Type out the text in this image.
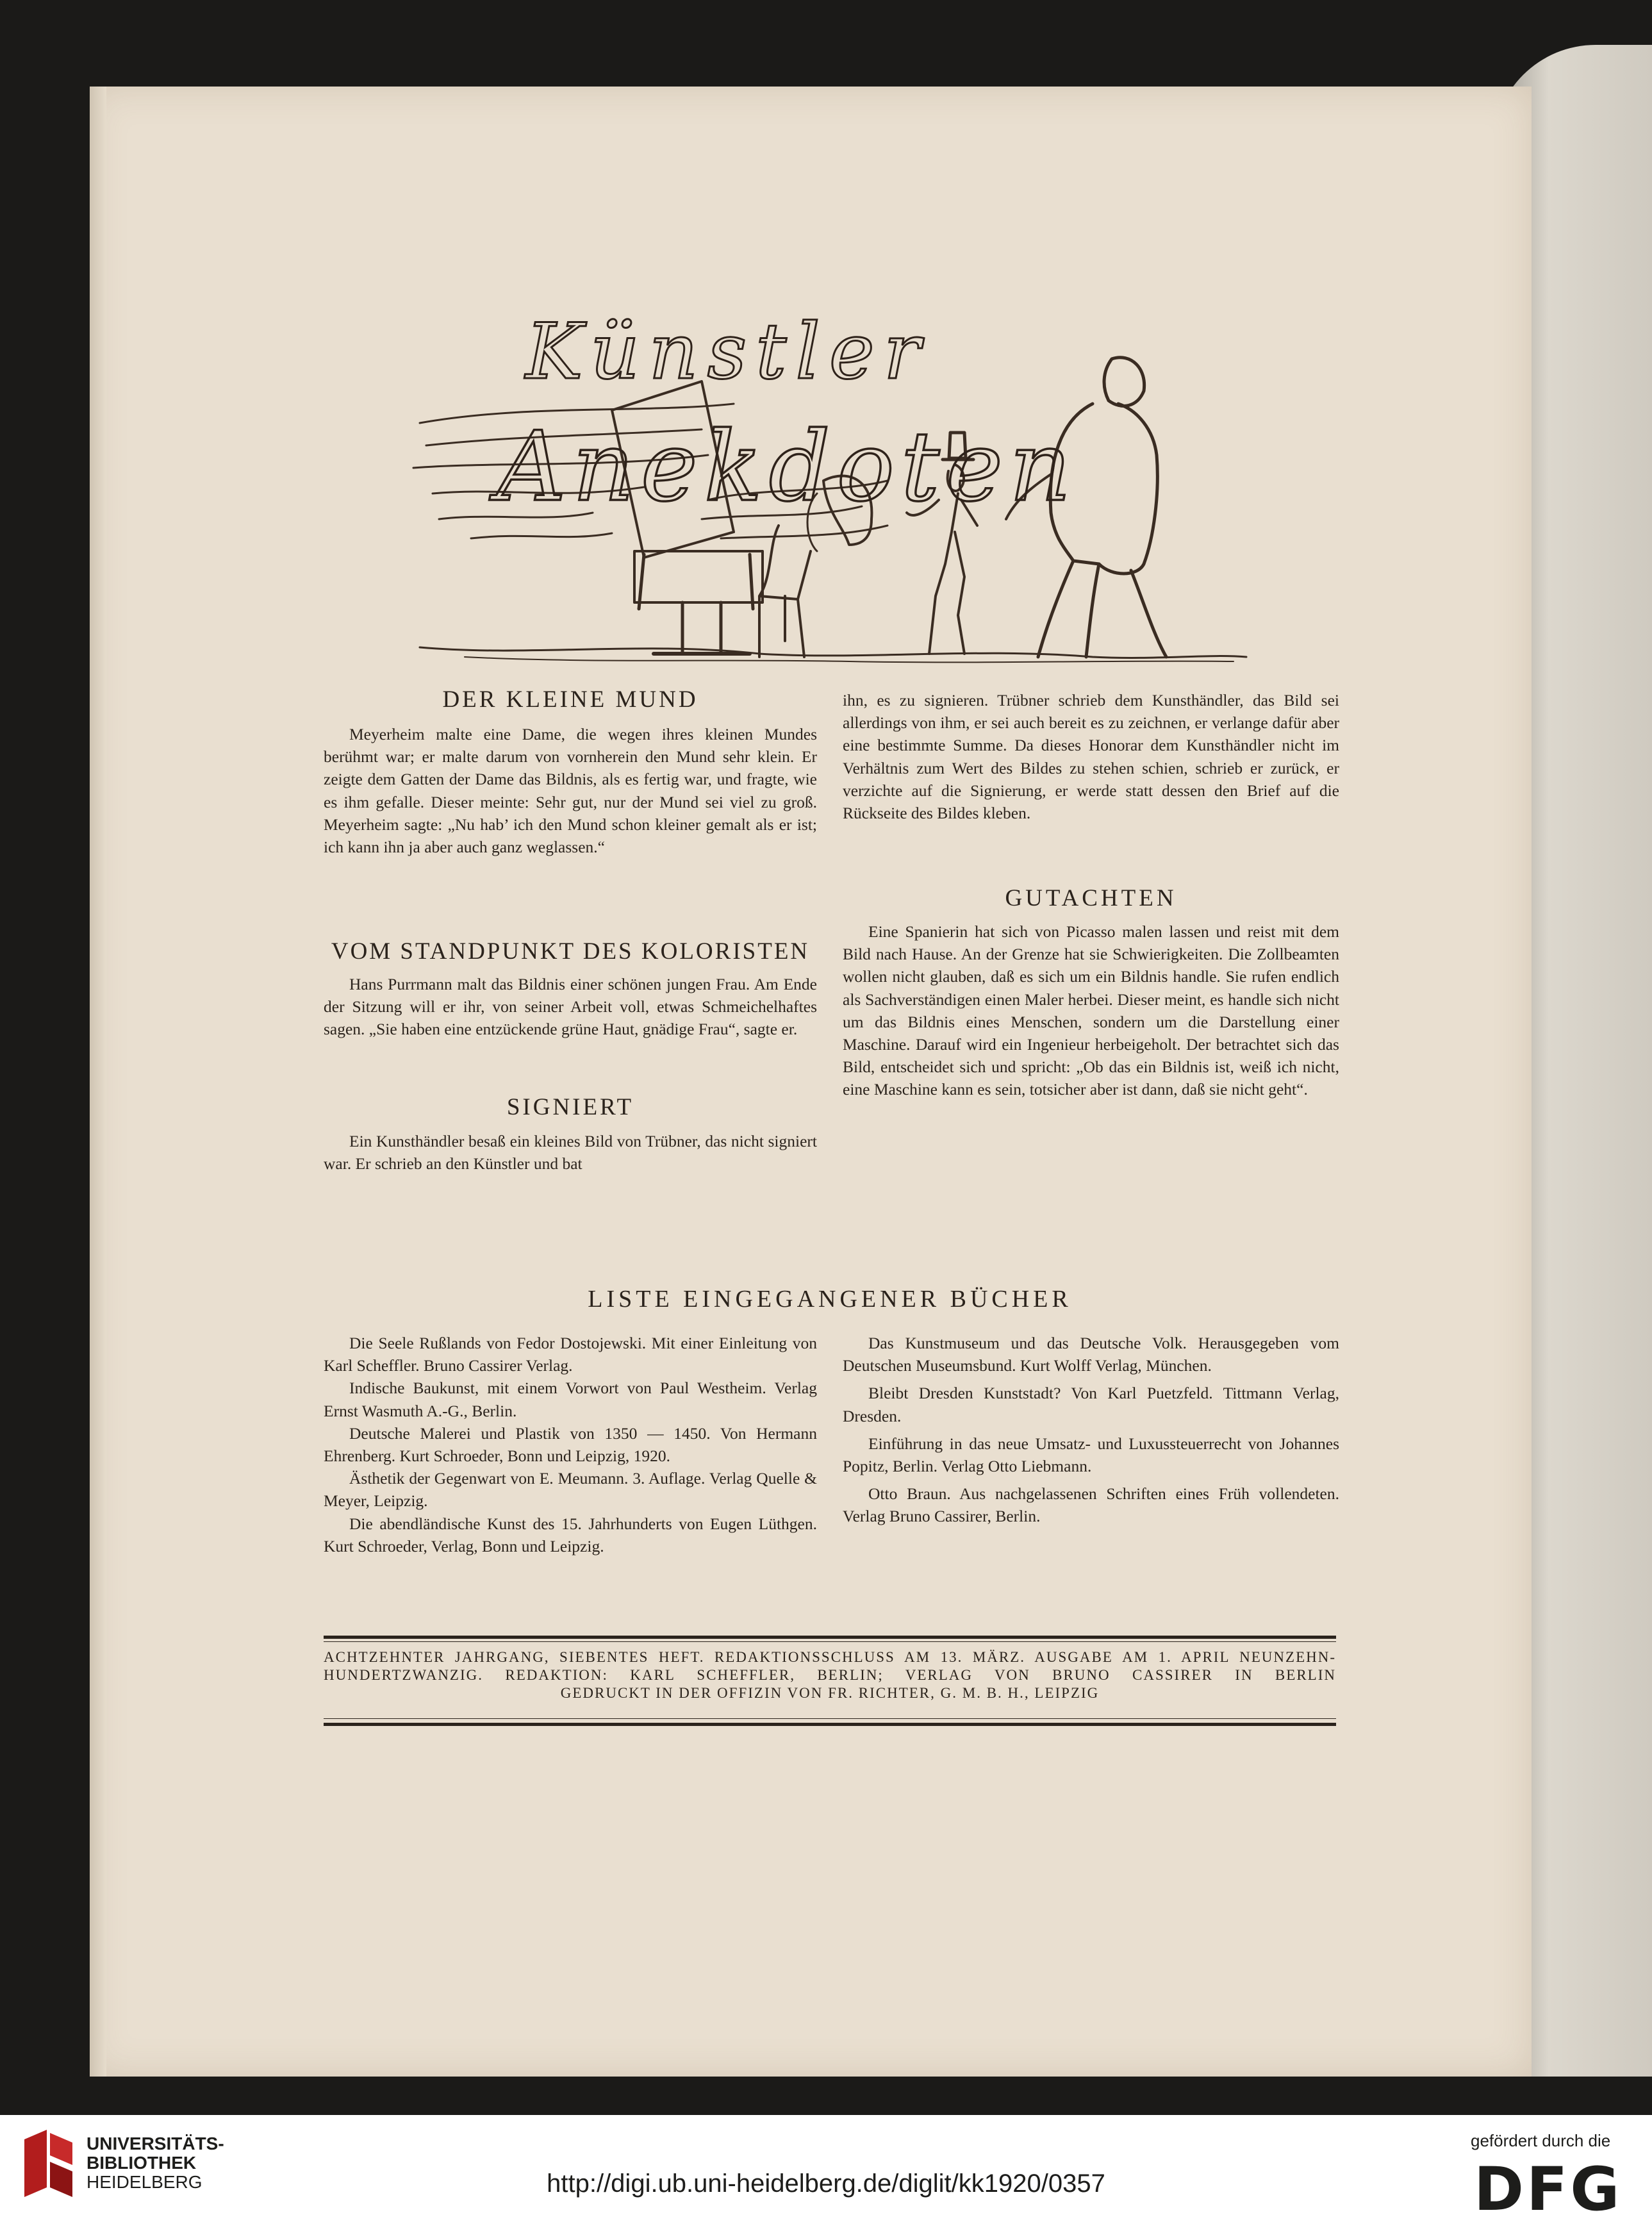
Künstler
Anekdoten
DER KLEINE MUND

Meyerheim malte eine Dame, die wegen ihres kleinen Mundes berühmt war; er malte darum von vornherein den Mund sehr klein. Er zeigte dem Gatten der Dame das Bildnis, als es fertig war, und fragte, wie es ihm gefalle. Dieser meinte: Sehr gut, nur der Mund sei viel zu groß. Meyerheim sagte: „Nu hab’ ich den Mund schon kleiner gemalt als er ist; ich kann ihn ja aber auch ganz weglassen.“

VOM STANDPUNKT DES KOLORISTEN

Hans Purrmann malt das Bildnis einer schönen jungen Frau. Am Ende der Sitzung will er ihr, von seiner Arbeit voll, etwas Schmeichelhaftes sagen. „Sie haben eine entzückende grüne Haut, gnädige Frau“, sagte er.

SIGNIERT

Ein Kunsthändler besaß ein kleines Bild von Trübner, das nicht signiert war. Er schrieb an den Künstler und bat

ihn, es zu signieren. Trübner schrieb dem Kunsthändler, das Bild sei allerdings von ihm, er sei auch bereit es zu zeichnen, er verlange dafür aber eine bestimmte Summe. Da dieses Honorar dem Kunsthändler nicht im Verhältnis zum Wert des Bildes zu stehen schien, schrieb er zurück, er verzichte auf die Signierung, er werde statt dessen den Brief auf die Rückseite des Bildes kleben.

GUTACHTEN

Eine Spanierin hat sich von Picasso malen lassen und reist mit dem Bild nach Hause. An der Grenze hat sie Schwierigkeiten. Die Zollbeamten wollen nicht glauben, daß es sich um ein Bildnis handle. Sie rufen endlich als Sachverständigen einen Maler herbei. Dieser meint, es handle sich nicht um das Bildnis eines Menschen, sondern um die Darstellung einer Maschine. Darauf wird ein Ingenieur herbeigeholt. Der betrachtet sich das Bild, entscheidet sich und spricht: „Ob das ein Bildnis ist, weiß ich nicht, eine Maschine kann es sein, totsicher aber ist dann, daß sie nicht geht“.

LISTE EINGEGANGENER BÜCHER

Die Seele Rußlands von Fedor Dostojewski. Mit einer Einleitung von Karl Scheffler. Bruno Cassirer Verlag.

Indische Baukunst, mit einem Vorwort von Paul Westheim. Verlag Ernst Wasmuth A.-G., Berlin.

Deutsche Malerei und Plastik von 1350 — 1450. Von Hermann Ehrenberg. Kurt Schroeder, Bonn und Leipzig, 1920.

Ästhetik der Gegenwart von E. Meumann. 3. Auflage. Verlag Quelle & Meyer, Leipzig.

Die abendländische Kunst des 15. Jahrhunderts von Eugen Lüthgen. Kurt Schroeder, Verlag, Bonn und Leipzig.

Das Kunstmuseum und das Deutsche Volk. Herausgegeben vom Deutschen Museumsbund. Kurt Wolff Verlag, München.

Bleibt Dresden Kunststadt? Von Karl Puetzfeld. Tittmann Verlag, Dresden.

Einführung in das neue Umsatz- und Luxussteuerrecht von Johannes Popitz, Berlin. Verlag Otto Liebmann.

Otto Braun. Aus nachgelassenen Schriften eines Früh vollendeten. Verlag Bruno Cassirer, Berlin.

ACHTZEHNTER JAHRGANG, SIEBENTES HEFT. REDAKTIONSSCHLUSS AM 13. MÄRZ. AUSGABE AM 1. APRIL NEUNZEHN-
HUNDERTZWANZIG. REDAKTION: KARL SCHEFFLER, BERLIN; VERLAG VON BRUNO CASSIRER IN BERLIN
GEDRUCKT IN DER OFFIZIN VON FR. RICHTER, G. M. B. H., LEIPZIG
UNIVERSITÄTS-
BIBLIOTHEK
HEIDELBERG	http://digi.ub.uni-heidelberg.de/diglit/kk1920/0357
gefördert durch die
DFG
